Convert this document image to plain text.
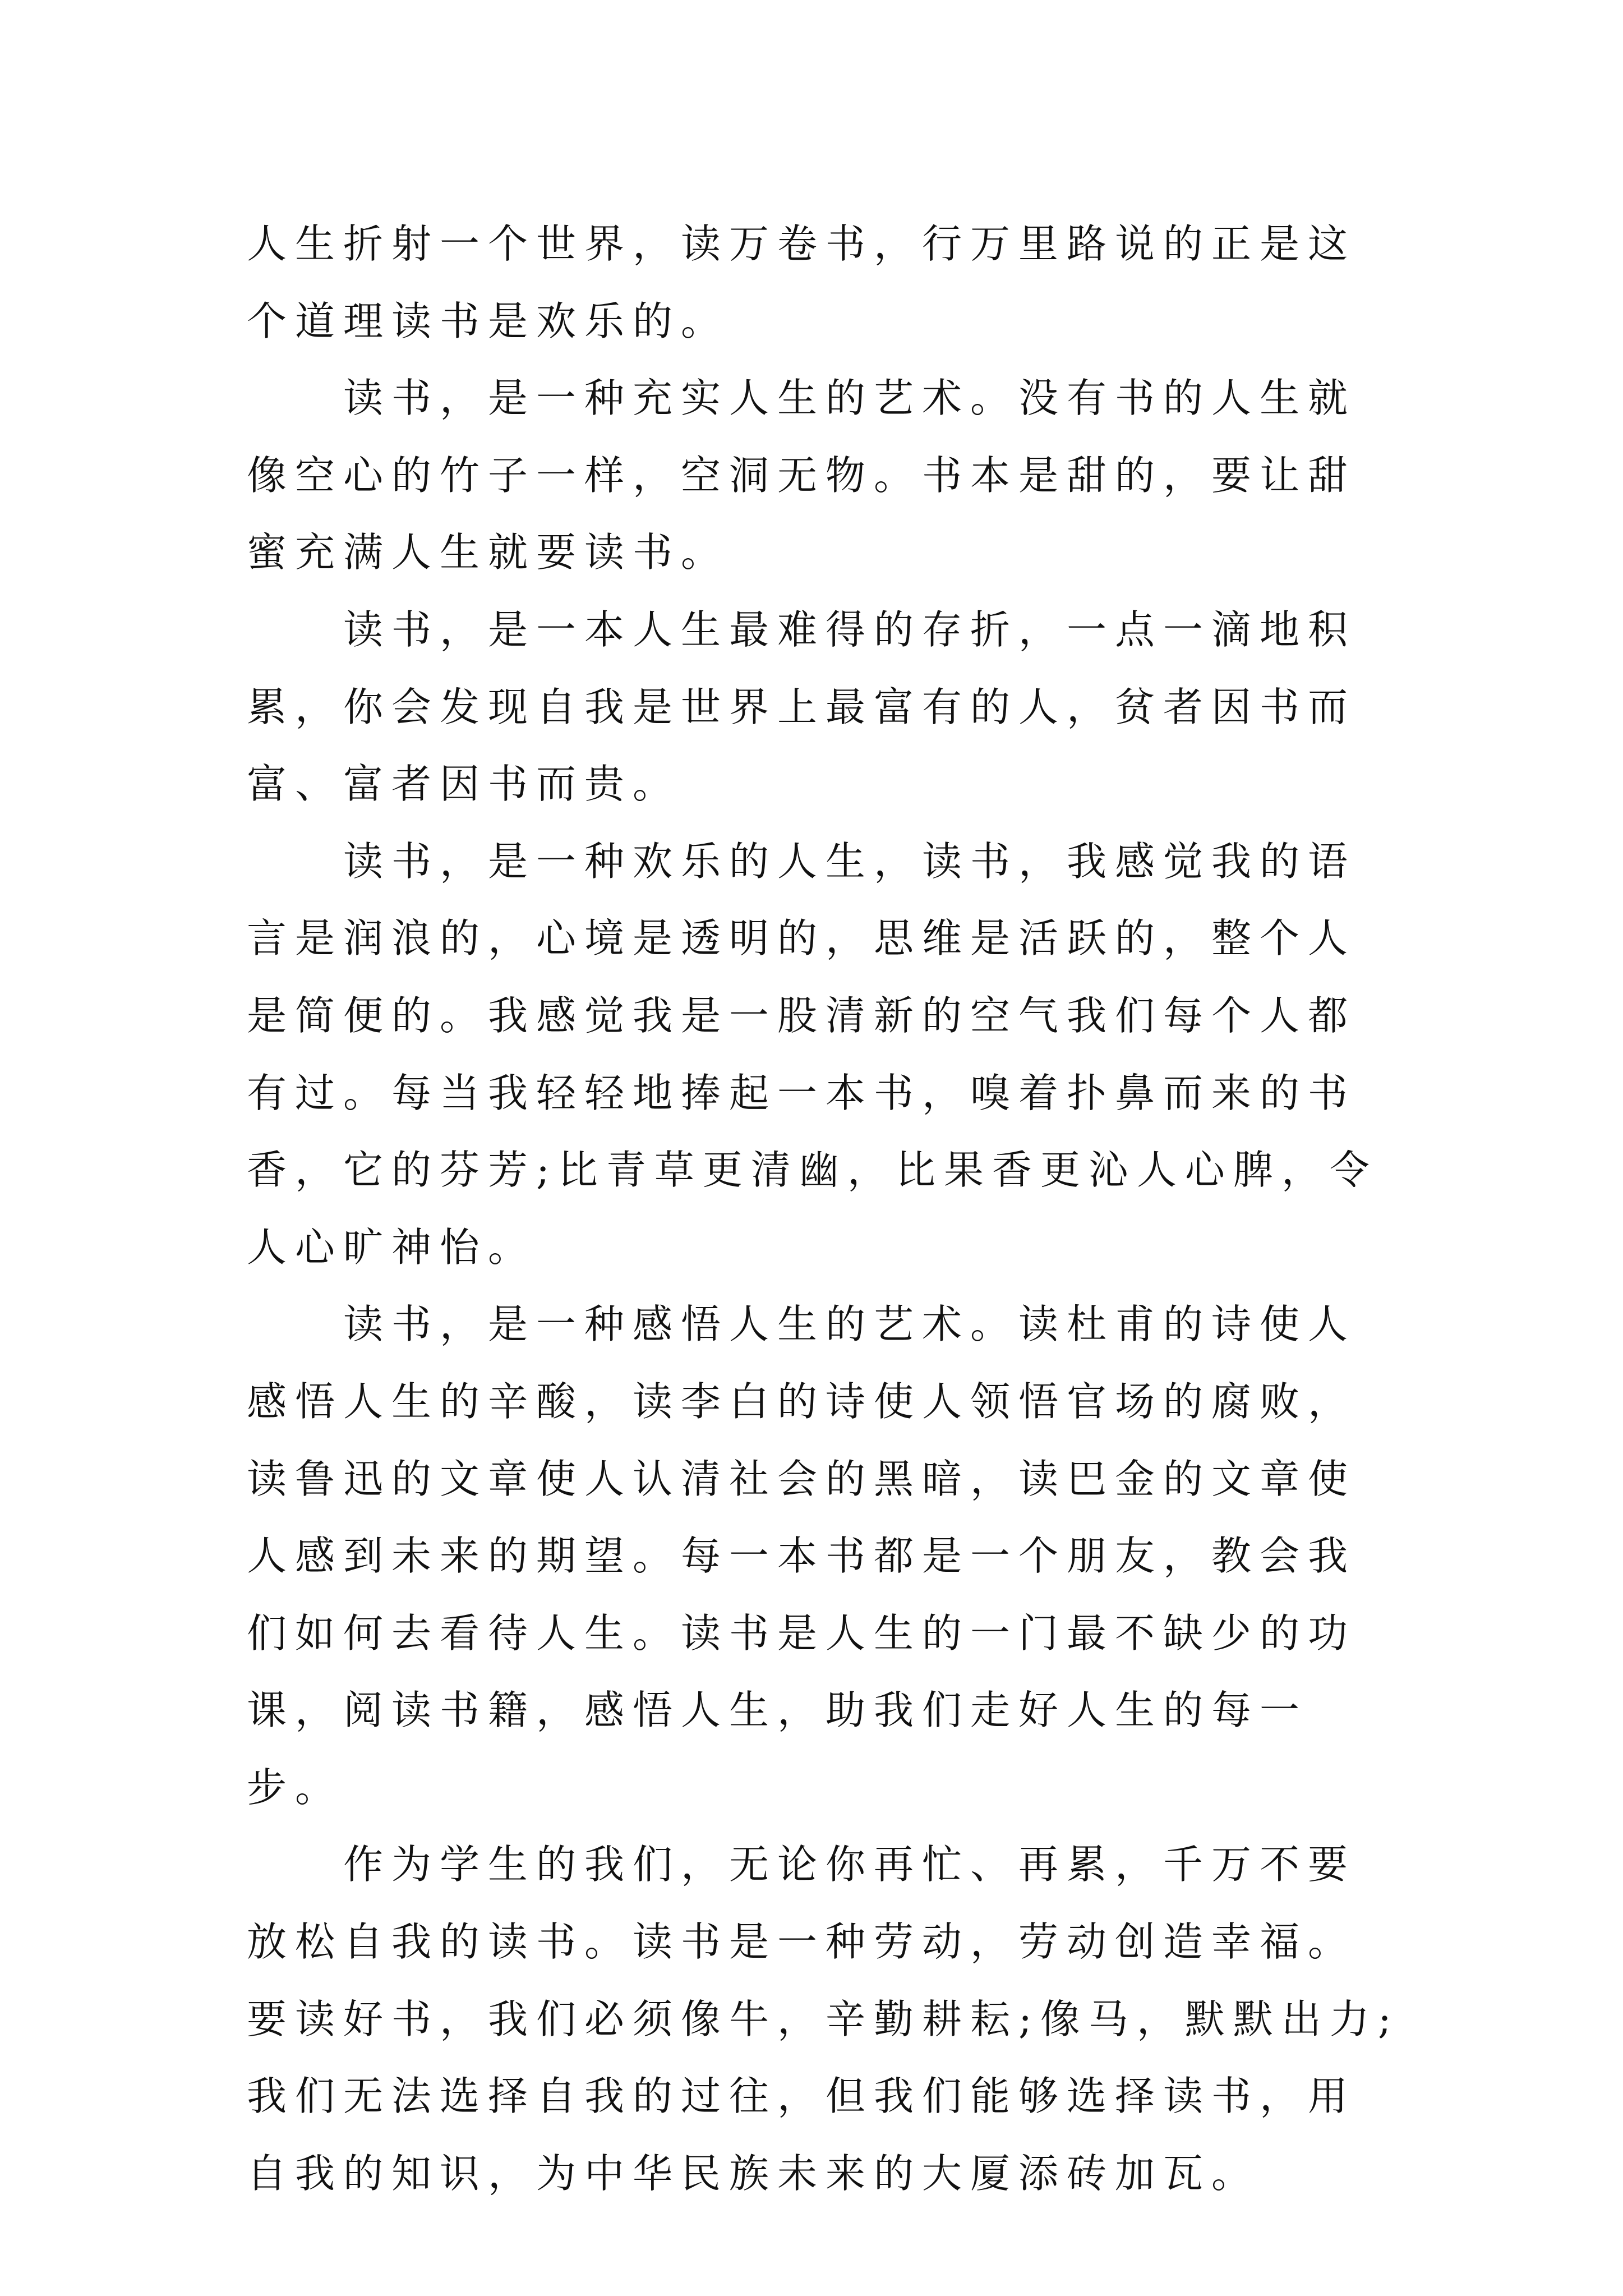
人生折射一个世界，读万卷书，行万里路说的正是这个道理读书是欢乐的。

读书，是一种充实人生的艺术。没有书的人生就像空心的竹子一样，空洞无物。书本是甜的，要让甜蜜充满人生就要读书。

读书，是一本人生最难得的存折，一点一滴地积累，你会发现自我是世界上最富有的人，贫者因书而富、富者因书而贵。

读书，是一种欢乐的人生，读书，我感觉我的语言是润浪的，心境是透明的，思维是活跃的，整个人是简便的。我感觉我是一股清新的空气我们每个人都有过。每当我轻轻地捧起一本书，嗅着扑鼻而来的书香，它的芬芳;比青草更清幽，比果香更沁人心脾，令人心旷神怡。

读书，是一种感悟人生的艺术。读杜甫的诗使人感悟人生的辛酸，读李白的诗使人领悟官场的腐败，读鲁迅的文章使人认清社会的黑暗，读巴金的文章使人感到未来的期望。每一本书都是一个朋友，教会我们如何去看待人生。读书是人生的一门最不缺少的功课，阅读书籍，感悟人生，助我们走好人生的每一步。

作为学生的我们，无论你再忙、再累，千万不要放松自我的读书。读书是一种劳动，劳动创造幸福。要读好书，我们必须像牛，辛勤耕耘;像马，默默出力;我们无法选择自我的过往，但我们能够选择读书，用自我的知识，为中华民族未来的大厦添砖加瓦。
